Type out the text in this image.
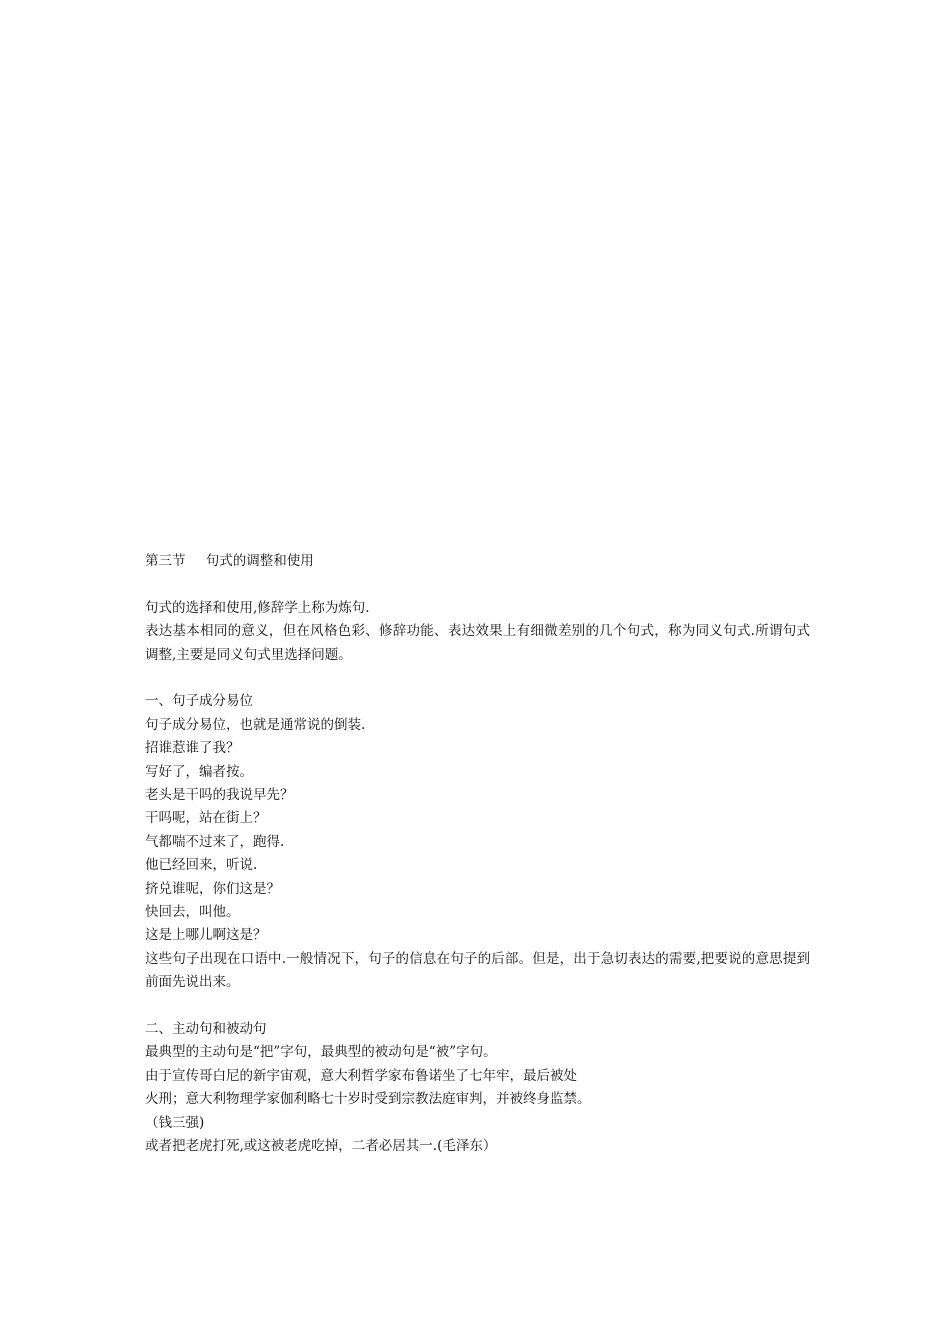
第三节 句式的调整和使用
句式的选择和使用,修辞学上称为炼句.
表达基本相同的意义，但在风格色彩、修辞功能、表达效果上有细微差别的几个句式，称为同义句式.所谓句式调整,主要是同义句式里选择问题。
一、句子成分易位
句子成分易位，也就是通常说的倒装.
招谁惹谁了我？
写好了，编者按。
老头是干吗的我说早先？
干吗呢，站在街上？
气都喘不过来了，跑得.
他已经回来，听说.
挤兑谁呢，你们这是？
快回去，叫他。
这是上哪儿啊这是？
这些句子出现在口语中.一般情况下，句子的信息在句子的后部。但是，出于急切表达的需要,把要说的意思提到前面先说出来。
二、主动句和被动句
最典型的主动句是“把”字句，最典型的被动句是“被”字句。
由于宣传哥白尼的新宇宙观，意大利哲学家布鲁诺坐了七年牢，最后被处
火刑；意大利物理学家伽利略七十岁时受到宗教法庭审判，并被终身监禁。
（钱三强)
或者把老虎打死,或这被老虎吃掉，二者必居其一.(毛泽东）
